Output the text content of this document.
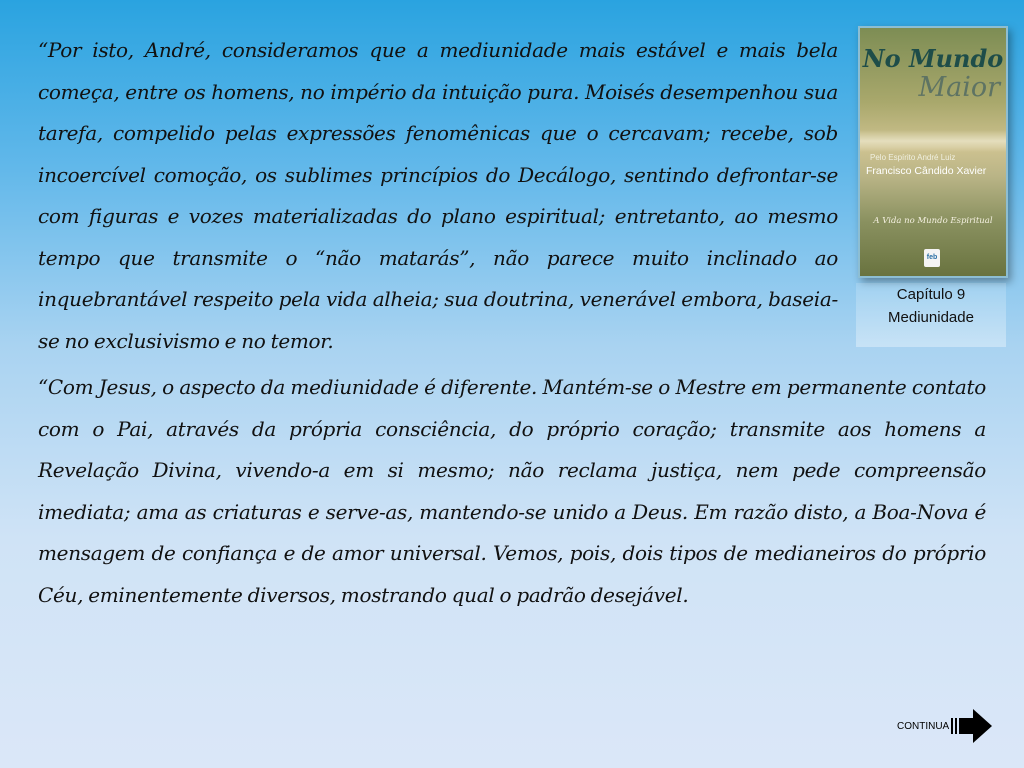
“Por isto, André, consideramos que a mediunidade mais estável e mais bela começa, entre os homens, no império da intuição pura. Moisés desempenhou sua tarefa, compelido pelas expressões fenomênicas que o cercavam; recebe, sob incoercível comoção, os sublimes princípios do Decálogo, sentindo defrontar-se com figuras e vozes materializadas do plano espiritual; entretanto, ao mesmo tempo que transmite o “não matarás”, não parece muito inclinado ao inquebrantável respeito pela vida alheia; sua doutrina, venerável embora, baseia-se no exclusivismo e no temor.

No Mundo
Maior
Pelo Espírito André Luiz
Francisco Cândido Xavier
A Vida no Mundo Espiritual
feb
Capítulo 9
Mediunidade

“Com Jesus, o aspecto da mediunidade é diferente. Mantém-se o Mestre em permanente contato com o Pai, através da própria consciência, do próprio coração; transmite aos homens a Revelação Divina, vivendo-a em si mesmo; não reclama justiça, nem pede compreensão imediata; ama as criaturas e serve-as, mantendo-se unido a Deus. Em razão disto, a Boa-Nova é mensagem de confiança e de amor universal. Vemos, pois, dois tipos de medianeiros do próprio Céu, eminentemente diversos, mostrando qual o padrão desejável.

CONTINUA
